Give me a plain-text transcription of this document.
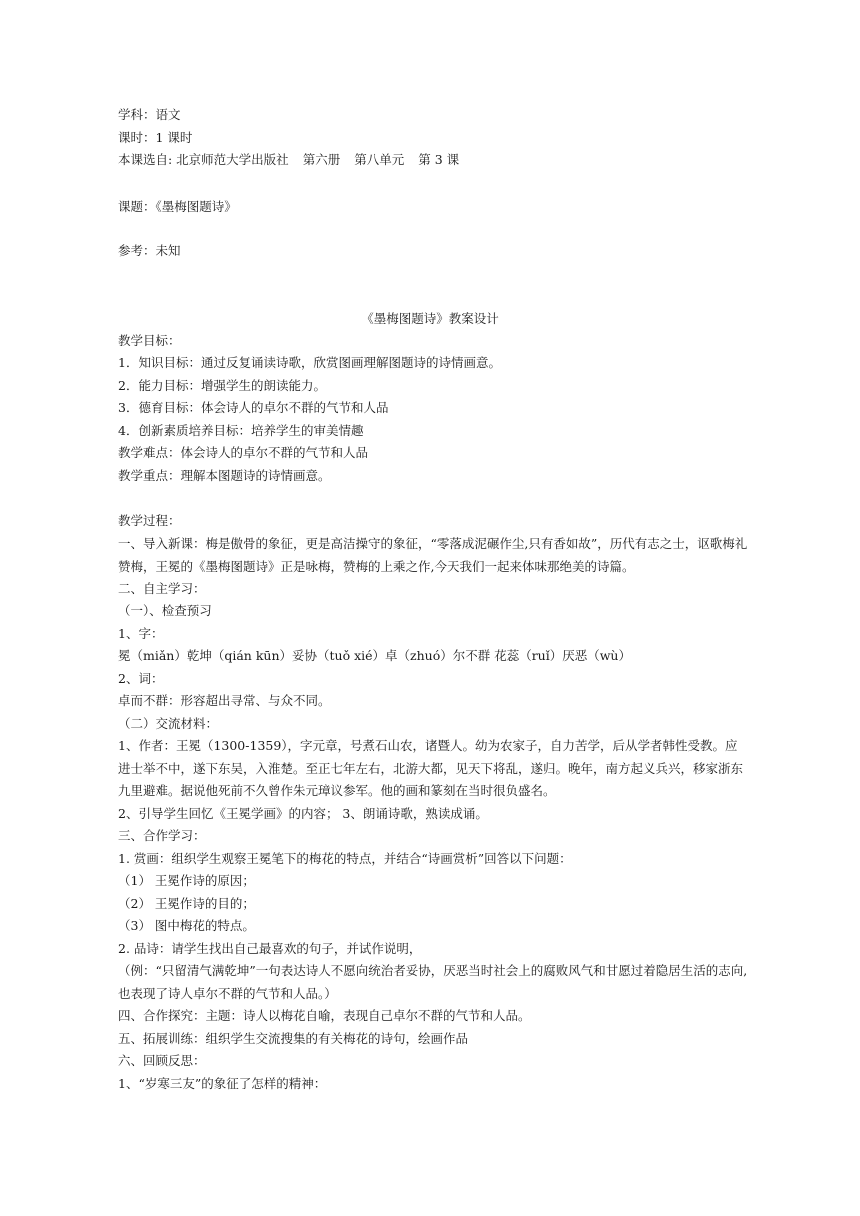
学科：语文
课时：1 课时
本课选自: 北京师范大学出版社 第六册 第八单元 第 3 课
课题：《墨梅图题诗》
参考：未知
《墨梅图题诗》教案设计
教学目标：
1．知识目标：通过反复诵读诗歌，欣赏图画理解图题诗的诗情画意。
2．能力目标：增强学生的朗读能力。
3．德育目标：体会诗人的卓尔不群的气节和人品
4．创新素质培养目标：培养学生的审美情趣
教学难点：体会诗人的卓尔不群的气节和人品
教学重点：理解本图题诗的诗情画意。
教学过程：
一、导入新课：梅是傲骨的象征，更是高洁操守的象征，“零落成泥碾作尘,只有香如故”，历代有志之士，讴歌梅礼赞梅，王冕的《墨梅图题诗》正是咏梅，赞梅的上乘之作,今天我们一起来体味那绝美的诗篇。
二、自主学习：
（一）、检查预习
1、字：
冕（miǎn）乾坤（qián kūn）妥协（tuǒ xié）卓（zhuó）尔不群 花蕊（ruǐ）厌恶（wù）
2、词：
卓而不群：形容超出寻常、与众不同。
（二）交流材料：
1、作者：王冕（1300-1359），字元章，号煮石山农，诸暨人。幼为农家子，自力苦学，后从学者韩性受教。应进士举不中，遂下东吴，入淮楚。至正七年左右，北游大都，见天下将乱，遂归。晚年，南方起义兵兴，移家浙东九里避难。据说他死前不久曾作朱元璋议参军。他的画和篆刻在当时很负盛名。
2、引导学生回忆《王冕学画》的内容； 3、朗诵诗歌，熟读成诵。
三、合作学习：
1. 赏画：组织学生观察王冕笔下的梅花的特点，并结合“诗画赏析”回答以下问题：
（1） 王冕作诗的原因；
（2） 王冕作诗的目的；
（3） 图中梅花的特点。
2. 品诗：请学生找出自己最喜欢的句子，并试作说明，
（例：“只留清气满乾坤”一句表达诗人不愿向统治者妥协，厌恶当时社会上的腐败风气和甘愿过着隐居生活的志向,也表现了诗人卓尔不群的气节和人品。）
四、合作探究：主题：诗人以梅花自喻，表现自己卓尔不群的气节和人品。
五、拓展训练：组织学生交流搜集的有关梅花的诗句，绘画作品
六、回顾反思：
1、“岁寒三友”的象征了怎样的精神：
